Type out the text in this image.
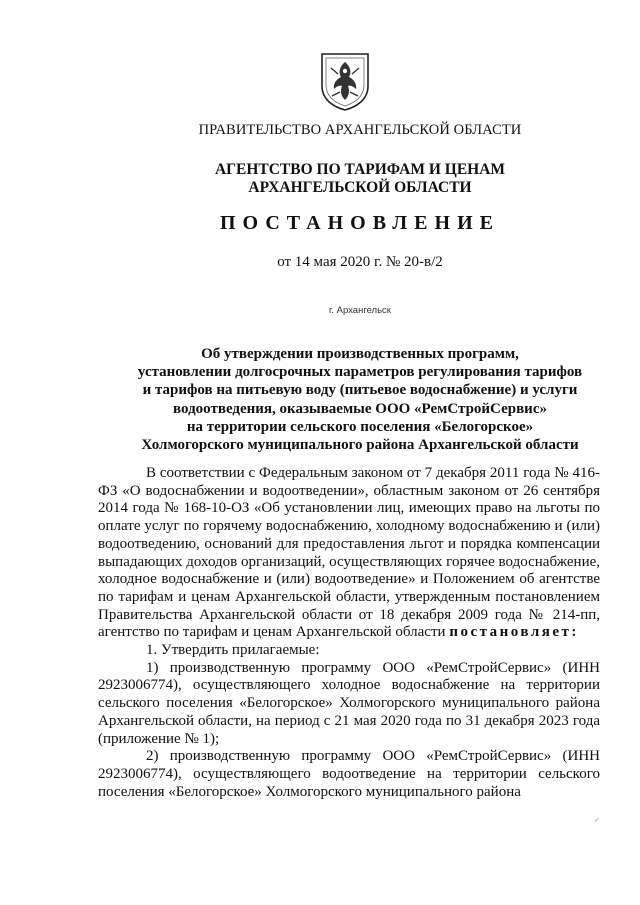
ПРАВИТЕЛЬСТВО АРХАНГЕЛЬСКОЙ ОБЛАСТИ
АГЕНТСТВО ПО ТАРИФАМ И ЦЕНАМ
АРХАНГЕЛЬСКОЙ ОБЛАСТИ
ПОСТАНОВЛЕНИЕ
от 14 мая 2020 г. № 20-в/2
г. Архангельск
Об утверждении производственных программ,
установлении долгосрочных параметров регулирования тарифов
и тарифов на питьевую воду (питьевое водоснабжение) и услуги
водоотведения, оказываемые ООО «РемСтройСервис»
на территории сельского поселения «Белогорское»
Холмогорского муниципального района Архангельской области

В соответствии с Федеральным законом от 7 декабря 2011 года № 416-ФЗ «О водоснабжении и водоотведении», областным законом от 26 сентября 2014 года № 168-10-ОЗ «Об установлении лиц, имеющих право на льготы по оплате услуг по горячему водоснабжению, холодному водоснабжению и (или) водоотведению, оснований для предоставления льгот и порядка компенсации выпадающих доходов организаций, осуществляющих горячее водоснабжение, холодное водоснабжение и (или) водоотведение» и Положением об агентстве по тарифам и ценам Архангельской области, утвержденным постановлением Правительства Архангельской области от 18 декабря 2009 года № 214-пп, агентство по тарифам и ценам Архангельской области постановляет:

1. Утвердить прилагаемые:

1) производственную программу ООО «РемСтройСервис» (ИНН 2923006774), осуществляющего холодное водоснабжение на территории сельского поселения «Белогорское» Холмогорского муниципального района Архангельской области, на период с 21 мая 2020 года по 31 декабря 2023 года (приложение № 1);

2) производственную программу ООО «РемСтройСервис» (ИНН 2923006774), осуществляющего водоотведение на территории сельского поселения «Белогорское» Холмогорского муниципального района

⸝
